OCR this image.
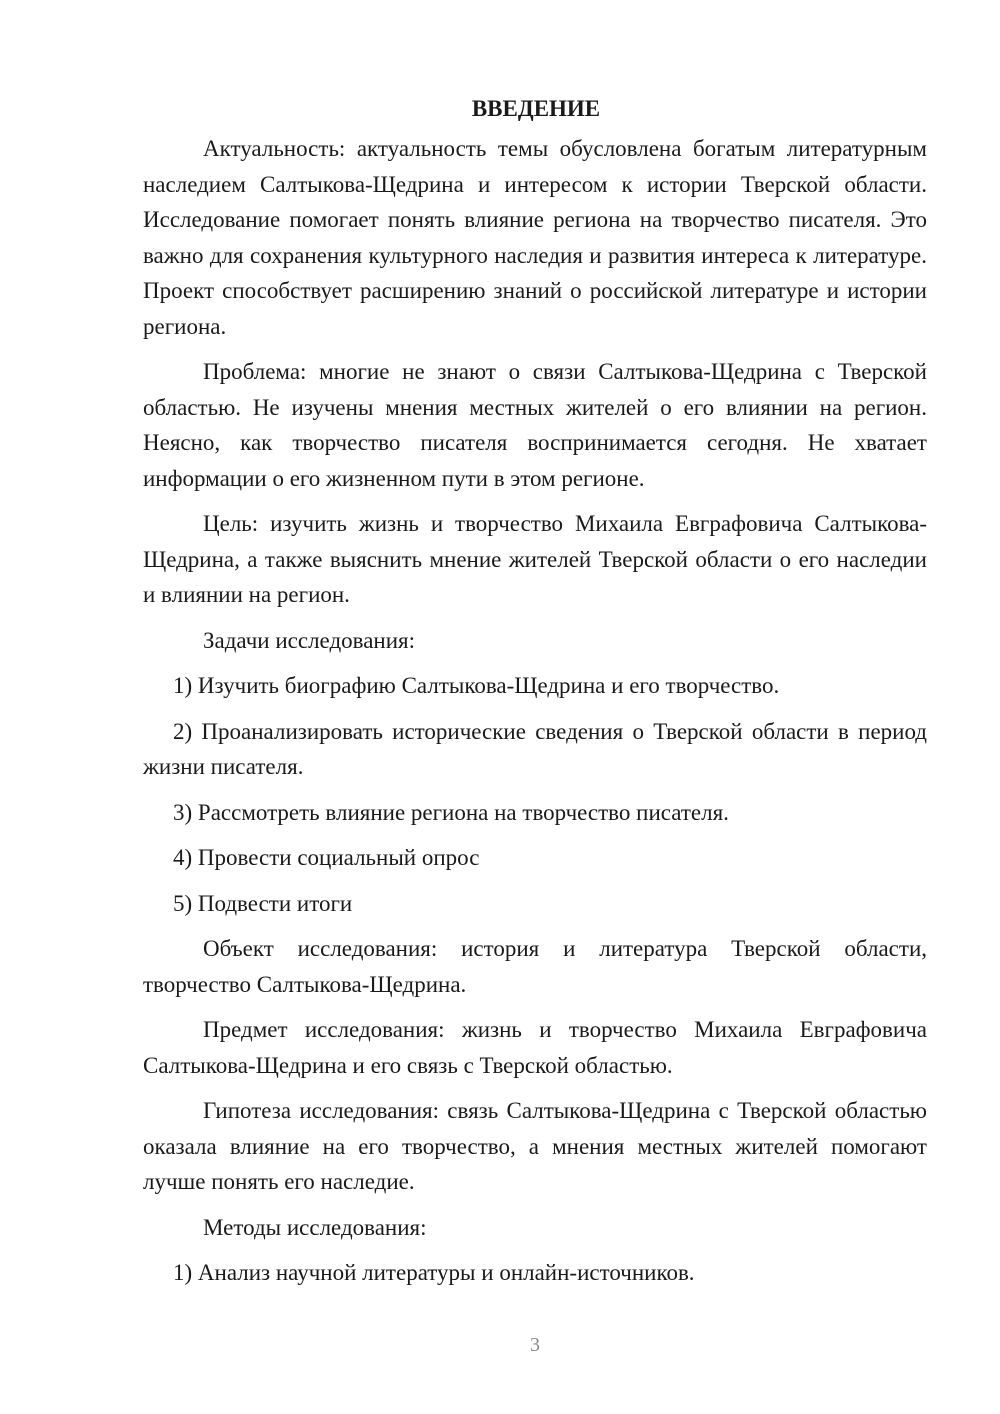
ВВЕДЕНИЕ

Актуальность: актуальность темы обусловлена богатым литературным наследием Салтыкова-Щедрина и интересом к истории Тверской области. Исследование помогает понять влияние региона на творчество писателя. Это важно для сохранения культурного наследия и развития интереса к литературе. Проект способствует расширению знаний о российской литературе и истории региона.

Проблема: многие не знают о связи Салтыкова-Щедрина с Тверской областью. Не изучены мнения местных жителей о его влиянии на регион. Неясно, как творчество писателя воспринимается сегодня. Не хватает информации о его жизненном пути в этом регионе.

Цель: изучить жизнь и творчество Михаила Евграфовича Салтыкова-Щедрина, а также выяснить мнение жителей Тверской области о его наследии и влиянии на регион.

Задачи исследования:

1) Изучить биографию Салтыкова-Щедрина и его творчество.

2) Проанализировать исторические сведения о Тверской области в период жизни писателя.

3) Рассмотреть влияние региона на творчество писателя.

4) Провести социальный опрос

5) Подвести итоги

Объект исследования: история и литература Тверской области, творчество Салтыкова-Щедрина.

Предмет исследования: жизнь и творчество Михаила Евграфовича Салтыкова-Щедрина и его связь с Тверской областью.

Гипотеза исследования: связь Салтыкова-Щедрина с Тверской областью оказала влияние на его творчество, а мнения местных жителей помогают лучше понять его наследие.

Методы исследования:

1) Анализ научной литературы и онлайн-источников.

3
